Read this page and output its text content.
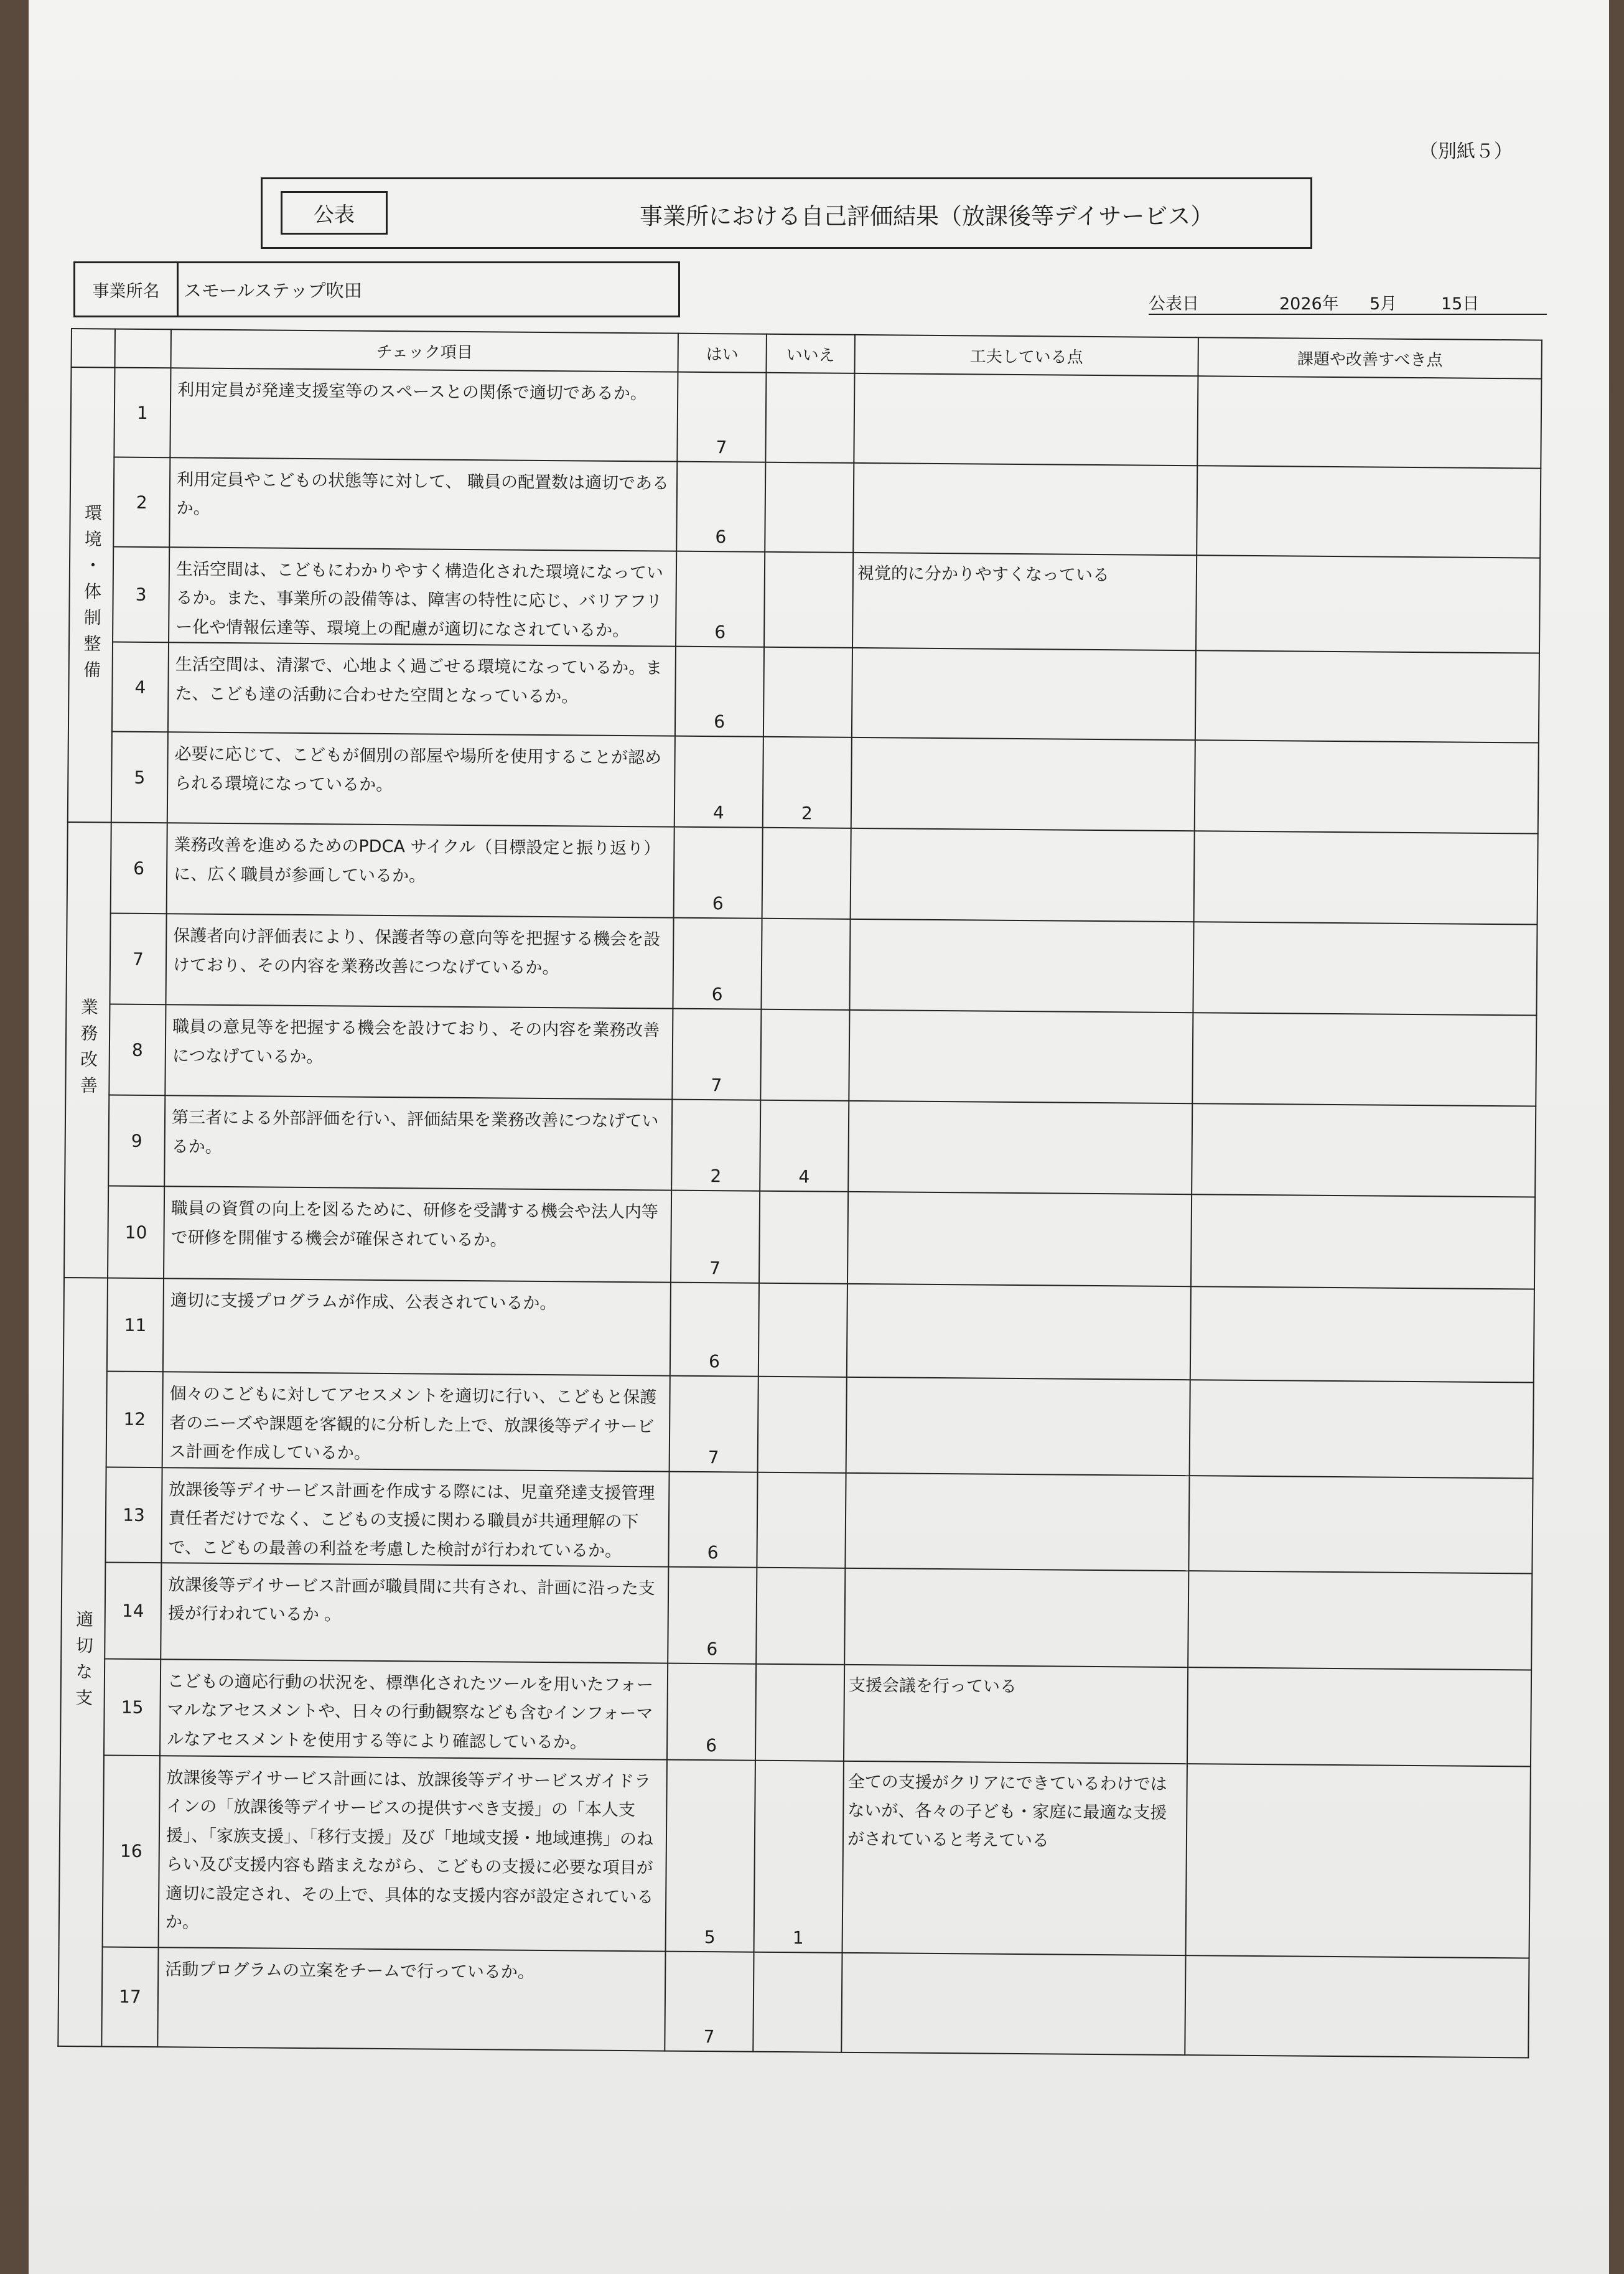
（別紙５）
公表	事業所における自己評価結果（放課後等デイサービス）
事業所名	スモールステップ吹田
公表日	2026年 5月	15日
		チェック項目	はい	いいえ	工夫している点	課題や改善すべき点
環境・体制整備	1	利用定員が発達支援室等のスペースとの関係で適切であるか。	7			

	2	利用定員やこどもの状態等に対して、 職員の配置数は適切であるか。	6			

	3	生活空間は、こどもにわかりやすく構造化された環境になっているか。また、事業所の設備等は、障害の特性に応じ、バリアフリー化や情報伝達等、環境上の配慮が適切になされているか。	6		視覚的に分かりやすくなっている	
	4	生活空間は、清潔で、心地よく過ごせる環境になっているか。また、こども達の活動に合わせた空間となっているか。	6			

	5	必要に応じて、こどもが個別の部屋や場所を使用することが認められる環境になっているか。	4	2		

業務改善	6	業務改善を進めるためのPDCA サイクル（目標設定と振り返り）に、広く職員が参画しているか。	6			

	7	保護者向け評価表により、保護者等の意向等を把握する機会を設けており、その内容を業務改善につなげているか。	6			

	8	職員の意見等を把握する機会を設けており、その内容を業務改善につなげているか。	7			

	9	第三者による外部評価を行い、評価結果を業務改善につなげているか。	2	4		

	10	職員の資質の向上を図るために、研修を受講する機会や法人内等で研修を開催する機会が確保されているか。	7			

適切な支	11	適切に支援プログラムが作成、公表されているか。	6			

	12	個々のこどもに対してアセスメントを適切に行い、こどもと保護者のニーズや課題を客観的に分析した上で、放課後等デイサービス計画を作成しているか。	7			

	13	放課後等デイサービス計画を作成する際には、児童発達支援管理責任者だけでなく、こどもの支援に関わる職員が共通理解の下で、こどもの最善の利益を考慮した検討が行われているか。	6			

	14	放課後等デイサービス計画が職員間に共有され、計画に沿った支援が行われているか 。	6			

	15	こどもの適応行動の状況を、標準化されたツールを用いたフォーマルなアセスメントや、日々の行動観察なども含むインフォーマルなアセスメントを使用する等により確認しているか。	6		支援会議を行っている	
	16	放課後等デイサービス計画には、放課後等デイサービスガイドラインの「放課後等デイサービスの提供すべき支援」の「本人支援」、「家族支援」、「移行支援」及び「地域支援・地域連携」のねらい及び支援内容も踏まえながら、こどもの支援に必要な項目が適切に設定され、その上で、具体的な支援内容が設定されているか。	5	1	全ての支援がクリアにできているわけではないが、各々の子ども・家庭に最適な支援がされていると考えている	
	17	活動プログラムの立案をチームで行っているか。	7			
